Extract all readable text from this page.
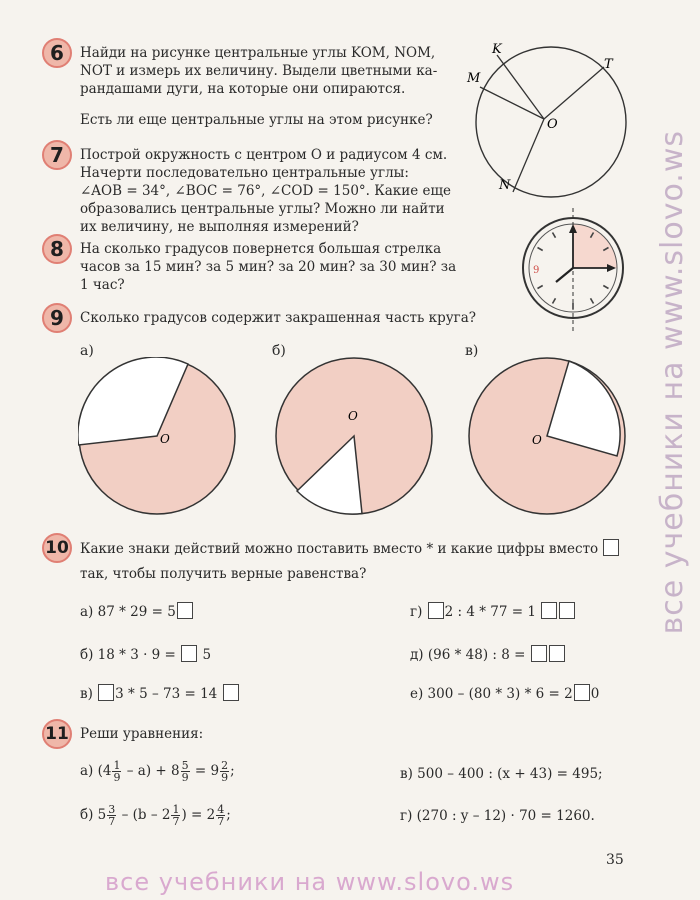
6 Найди на рисунке центральные углы KOM, NOM,
NOT и измерь их величину. Выдели цветными ка-
рандашами дуги, на которые они опираются.
Есть ли еще центральные углы на этом рисунке?
K
M
T
O
N
7 Построй окружность с центром O и радиусом 4 см.
Начерти последовательно центральные углы:
∠AOB = 34°, ∠BOC = 76°, ∠COD = 150°. Какие еще
образовались центральные углы? Можно ли найти
их величину, не выполняя измерений?
8 На сколько градусов повернется большая стрелка
часов за 15 мин? за 5 мин? за 20 мин? за 30 мин? за
1 час?
9
9 Сколько градусов содержит закрашенная часть круга?
а)	б)	в)
O
O
O
10 Какие знаки действий можно поставить вместо * и какие цифры вместо
так, чтобы получить верные равенства?
а) 87 * 29 = 5
б) 18 * 3 · 9 = 5
в) 3 * 5 – 73 = 14
г) 2 : 4 * 77 = 1
д) (96 * 48) : 8 =
е) 300 – (80 * 3) * 6 = 2 0
11 Реши уравнения:
а) $(4 \frac{1}{9} - a) + 8 \frac{5}{9} = 9 \frac{2}{9}$ ;
б) $5 \frac{3}{7} - (b - 2 \frac{1}{7}$ ) = $2 \frac{4}{7}$ ;
в) 500 – 400 : (x + 43) = 495;
г) (270 : y – 12) · 70 = 1260.
35
все учебники на www.slovo.ws
все учебники на www.slovo.ws
